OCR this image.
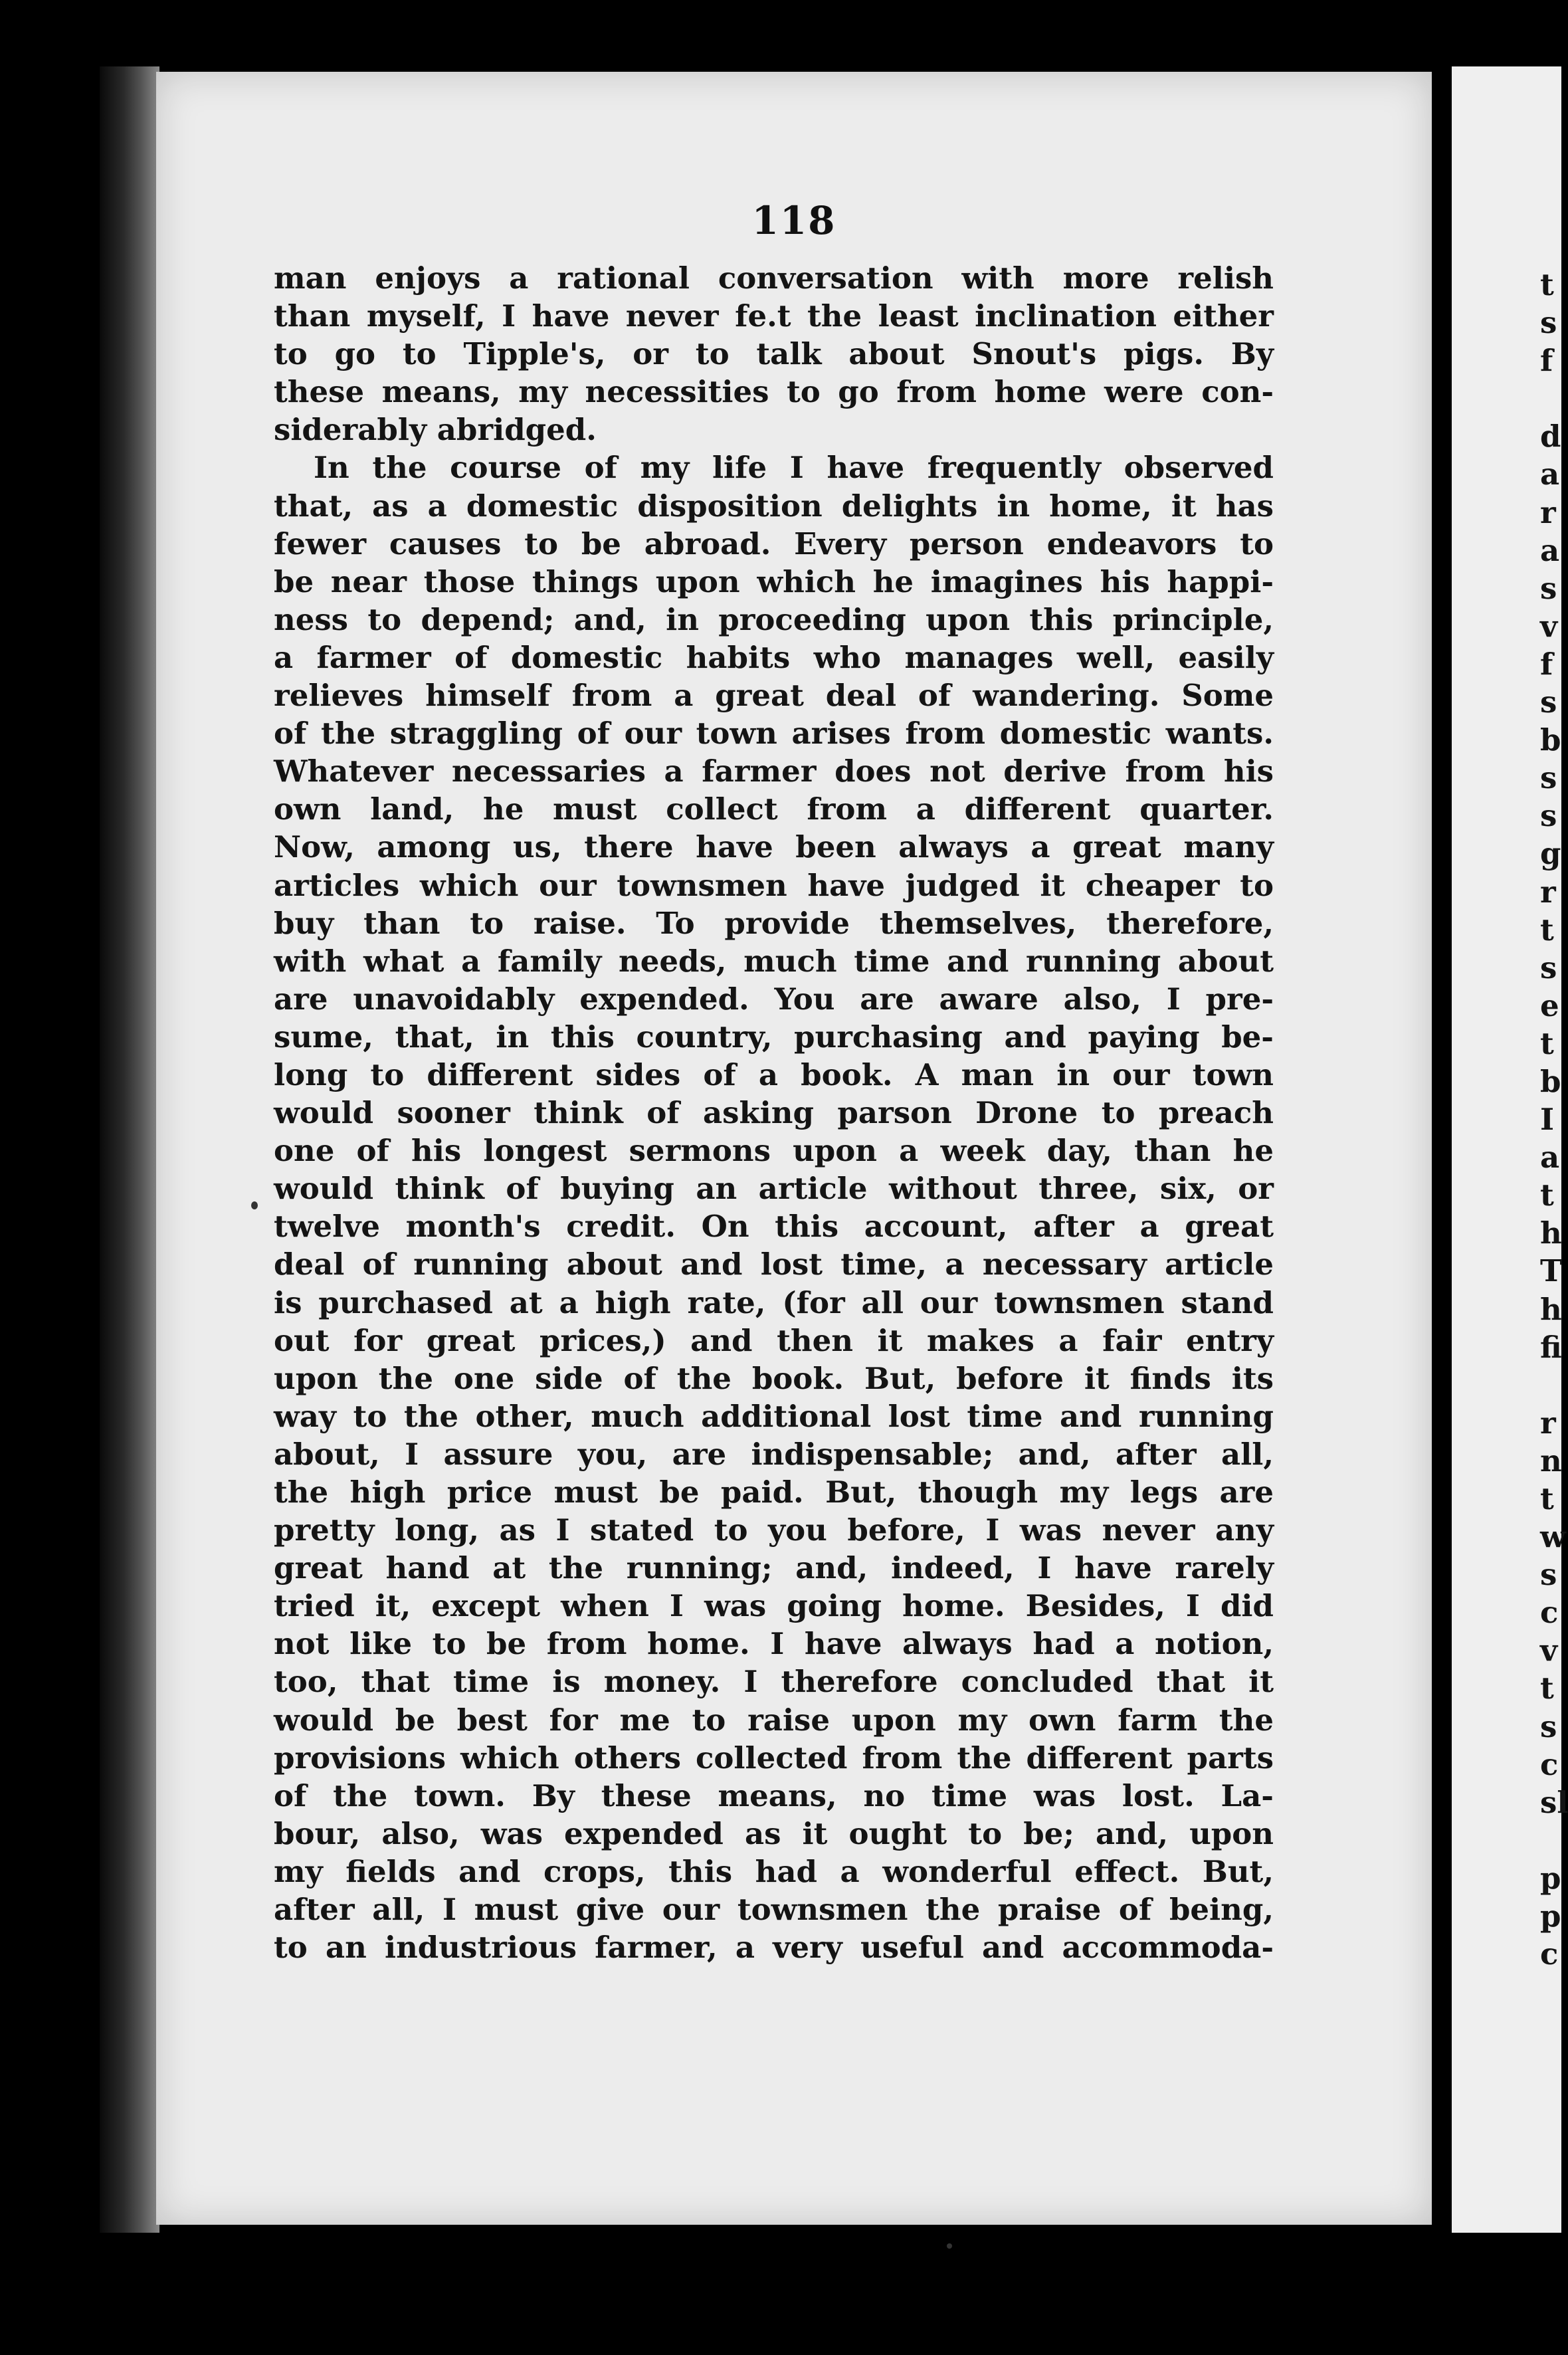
118
man enjoys a rational conversation with more relish
than myself, I have never fe.t the least inclination either
to go to Tipple's, or to talk about Snout's pigs. By
these means, my necessities to go from home were con-
siderably abridged.
In the course of my life I have frequently observed
that, as a domestic disposition delights in home, it has
fewer causes to be abroad. Every person endeavors to
be near those things upon which he imagines his happi-
ness to depend; and, in proceeding upon this principle,
a farmer of domestic habits who manages well, easily
relieves himself from a great deal of wandering. Some
of the straggling of our town arises from domestic wants.
Whatever necessaries a farmer does not derive from his
own land, he must collect from a different quarter.
Now, among us, there have been always a great many
articles which our townsmen have judged it cheaper to
buy than to raise. To provide themselves, therefore,
with what a family needs, much time and running about
are unavoidably expended. You are aware also, I pre-
sume, that, in this country, purchasing and paying be-
long to different sides of a book. A man in our town
would sooner think of asking parson Drone to preach
one of his longest sermons upon a week day, than he
would think of buying an article without three, six, or
twelve month's credit. On this account, after a great
deal of running about and lost time, a necessary article
is purchased at a high rate, (for all our townsmen stand
out for great prices,) and then it makes a fair entry
upon the one side of the book. But, before it finds its
way to the other, much additional lost time and running
about, I assure you, are indispensable; and, after all,
the high price must be paid. But, though my legs are
pretty long, as I stated to you before, I was never any
great hand at the running; and, indeed, I have rarely
tried it, except when I was going home. Besides, I did
not like to be from home. I have always had a notion,
too, that time is money. I therefore concluded that it
would be best for me to raise upon my own farm the
provisions which others collected from the different parts
of the town. By these means, no time was lost. La-
bour, also, was expended as it ought to be; and, upon
my fields and crops, this had a wonderful effect. But,
after all, I must give our townsmen the praise of being,
to an industrious farmer, a very useful and accommoda-
t
s
f
d
a
r
a
s
v
f
s
b
s
s
g
r
t
s
e
t
b
I
a
t
h
T
h
fi
r
n
t
w
s
c
v
t
s
c
sl
p
p
c
